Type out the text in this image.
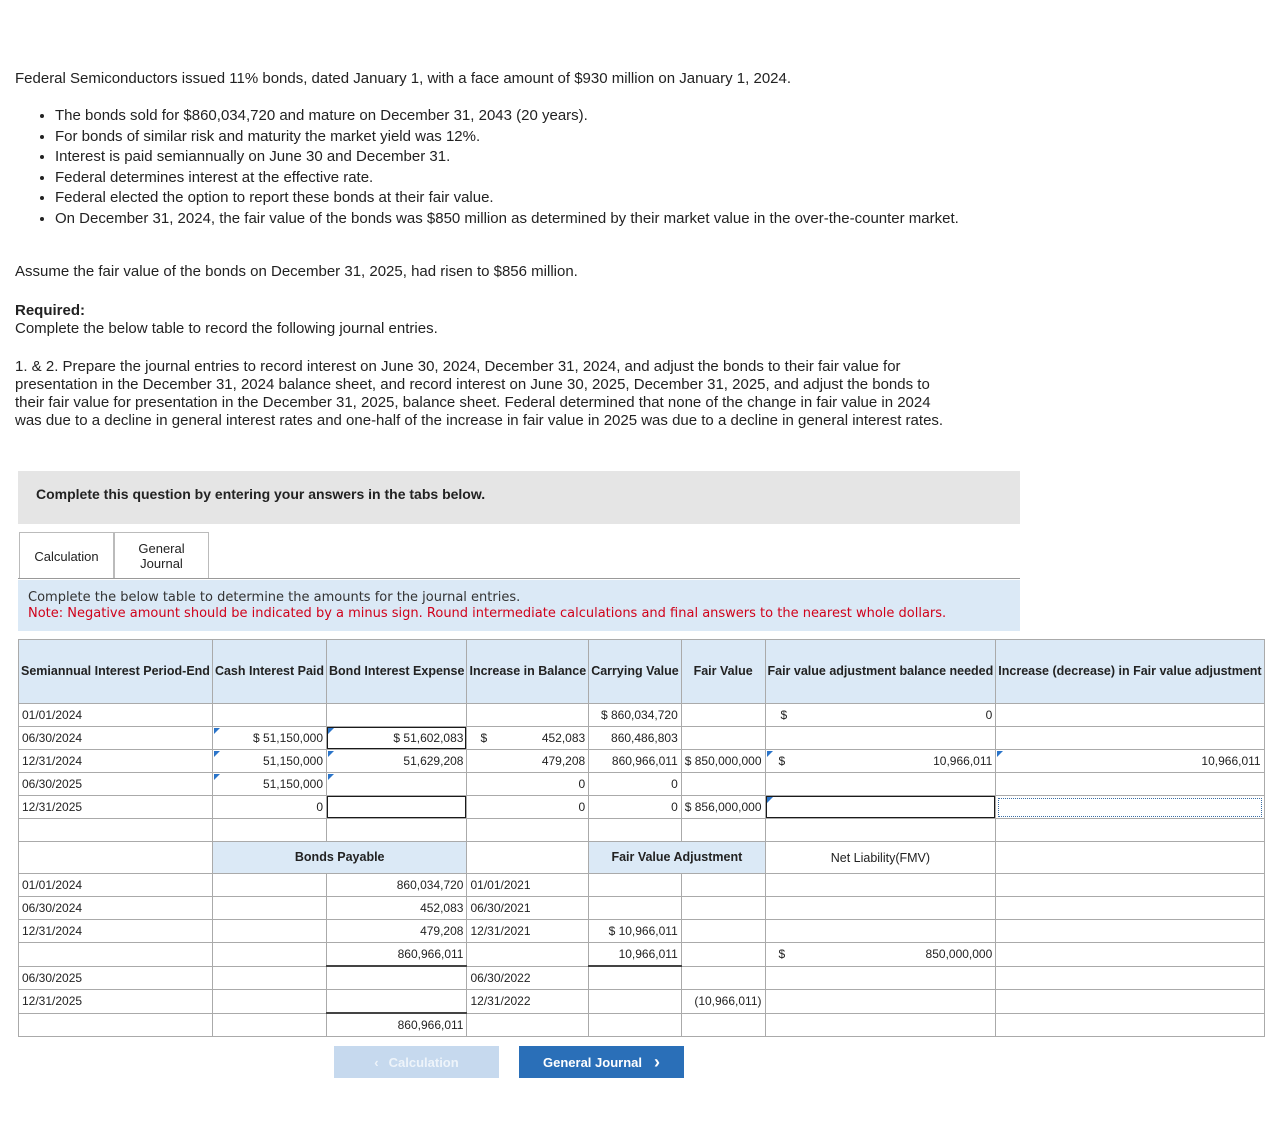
Federal Semiconductors issued 11% bonds, dated January 1, with a face amount of $930 million on January 1, 2024.

• The bonds sold for $860,034,720 and mature on December 31, 2043 (20 years).
• For bonds of similar risk and maturity the market yield was 12%.
• Interest is paid semiannually on June 30 and December 31.
• Federal determines interest at the effective rate.
• Federal elected the option to report these bonds at their fair value.
• On December 31, 2024, the fair value of the bonds was $850 million as determined by their market value in the over-the-counter market.
Assume the fair value of the bonds on December 31, 2025, had risen to $856 million.
Required:
Complete the below table to record the following journal entries.
1. & 2. Prepare the journal entries to record interest on June 30, 2024, December 31, 2024, and adjust the bonds to their fair value for presentation in the December 31, 2024 balance sheet, and record interest on June 30, 2025, December 31, 2025, and adjust the bonds to their fair value for presentation in the December 31, 2025, balance sheet. Federal determined that none of the change in fair value in 2024 was due to a decline in general interest rates and one-half of the increase in fair value in 2025 was due to a decline in general interest rates.
Complete this question by entering your answers in the tabs below.
Calculation	General Journal
Complete the below table to determine the amounts for the journal entries.
Note: Negative amount should be indicated by a minus sign. Round intermediate calculations and final answers to the nearest whole dollars.
Semiannual Interest Period-End	Cash Interest Paid	Bond Interest Expense	Increase in Balance	Carrying Value	Fair Value	Fair value adjustment balance needed	Increase (decrease) in Fair value adjustment
01/01/2024				$ 860,034,720		$ 0	

06/30/2024	$ 51,150,000	$ 51,602,083	$ 452,083	860,486,803			
12/31/2024	51,150,000	51,629,208	479,208	860,966,011	$ 850,000,000	$ 10,966,011	10,966,011
06/30/2025	51,150,000		0	0			
12/31/2025	0		0	0	$ 856,000,000		

	Bonds Payable			Fair Value Adjustment		Net Liability(FMV)	
01/01/2024		860,034,720	01/01/2021				
06/30/2024		452,083	06/30/2021				
12/31/2024		479,208	12/31/2021	$ 10,966,011			
		860,966,011		10,966,011		$ 850,000,000	

06/30/2025			06/30/2022				
12/31/2025			12/31/2022		(10,966,011)		
		860,966,011					
‹ Calculation	General Journal ›
